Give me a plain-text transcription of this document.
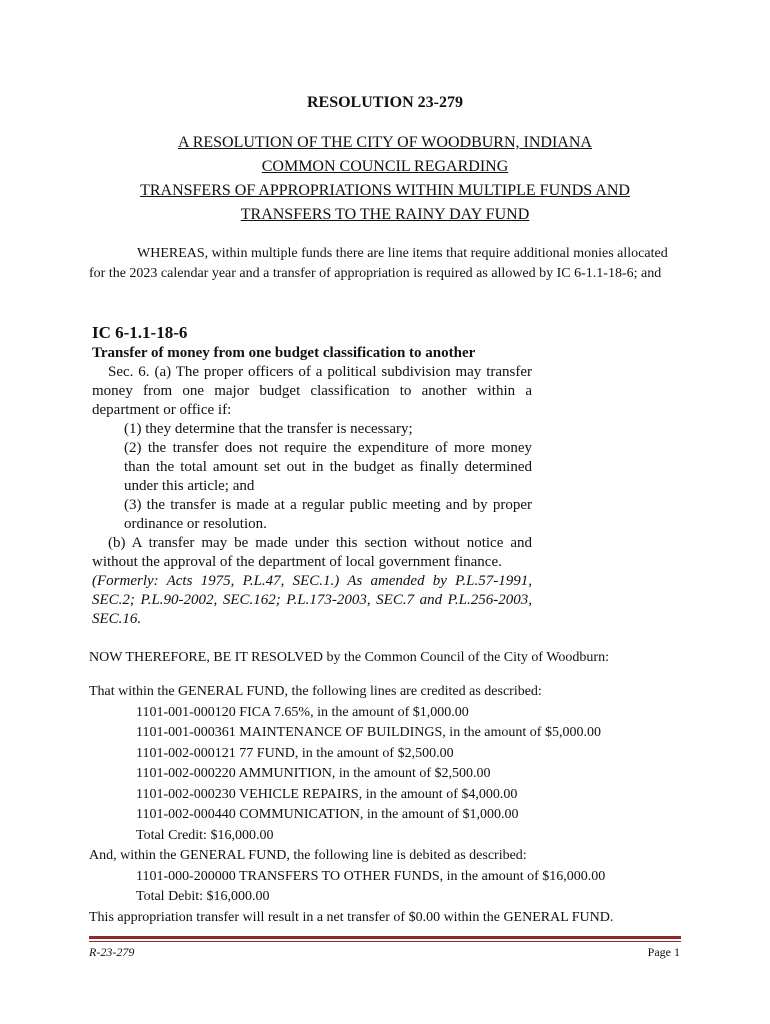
RESOLUTION 23-279
A RESOLUTION OF THE CITY OF WOODBURN, INDIANA
COMMON COUNCIL REGARDING
TRANSFERS OF APPROPRIATIONS WITHIN MULTIPLE FUNDS AND
TRANSFERS TO THE RAINY DAY FUND
WHEREAS, within multiple funds there are line items that require additional monies allocated for the 2023 calendar year and a transfer of appropriation is required as allowed by IC 6-1.1-18-6; and
IC 6-1.1-18-6
Transfer of money from one budget classification to another
Sec. 6. (a) The proper officers of a political subdivision may transfer money from one major budget classification to another within a department or office if:
(1) they determine that the transfer is necessary;
(2) the transfer does not require the expenditure of more money than the total amount set out in the budget as finally determined under this article; and
(3) the transfer is made at a regular public meeting and by proper ordinance or resolution.
(b) A transfer may be made under this section without notice and without the approval of the department of local government finance.
(Formerly: Acts 1975, P.L.47, SEC.1.) As amended by P.L.57-1991, SEC.2; P.L.90-2002, SEC.162; P.L.173-2003, SEC.7 and P.L.256-2003, SEC.16.
NOW THEREFORE, BE IT RESOLVED by the Common Council of the City of Woodburn:
That within the GENERAL FUND, the following lines are credited as described:
1101-001-000120 FICA 7.65%, in the amount of $1,000.00
1101-001-000361 MAINTENANCE OF BUILDINGS, in the amount of $5,000.00
1101-002-000121 77 FUND, in the amount of $2,500.00
1101-002-000220 AMMUNITION, in the amount of $2,500.00
1101-002-000230 VEHICLE REPAIRS, in the amount of $4,000.00
1101-002-000440 COMMUNICATION, in the amount of $1,000.00
Total Credit: $16,000.00
And, within the GENERAL FUND, the following line is debited as described:
1101-000-200000 TRANSFERS TO OTHER FUNDS, in the amount of $16,000.00
Total Debit: $16,000.00
This appropriation transfer will result in a net transfer of $0.00 within the GENERAL FUND.
R-23-279	Page 1
